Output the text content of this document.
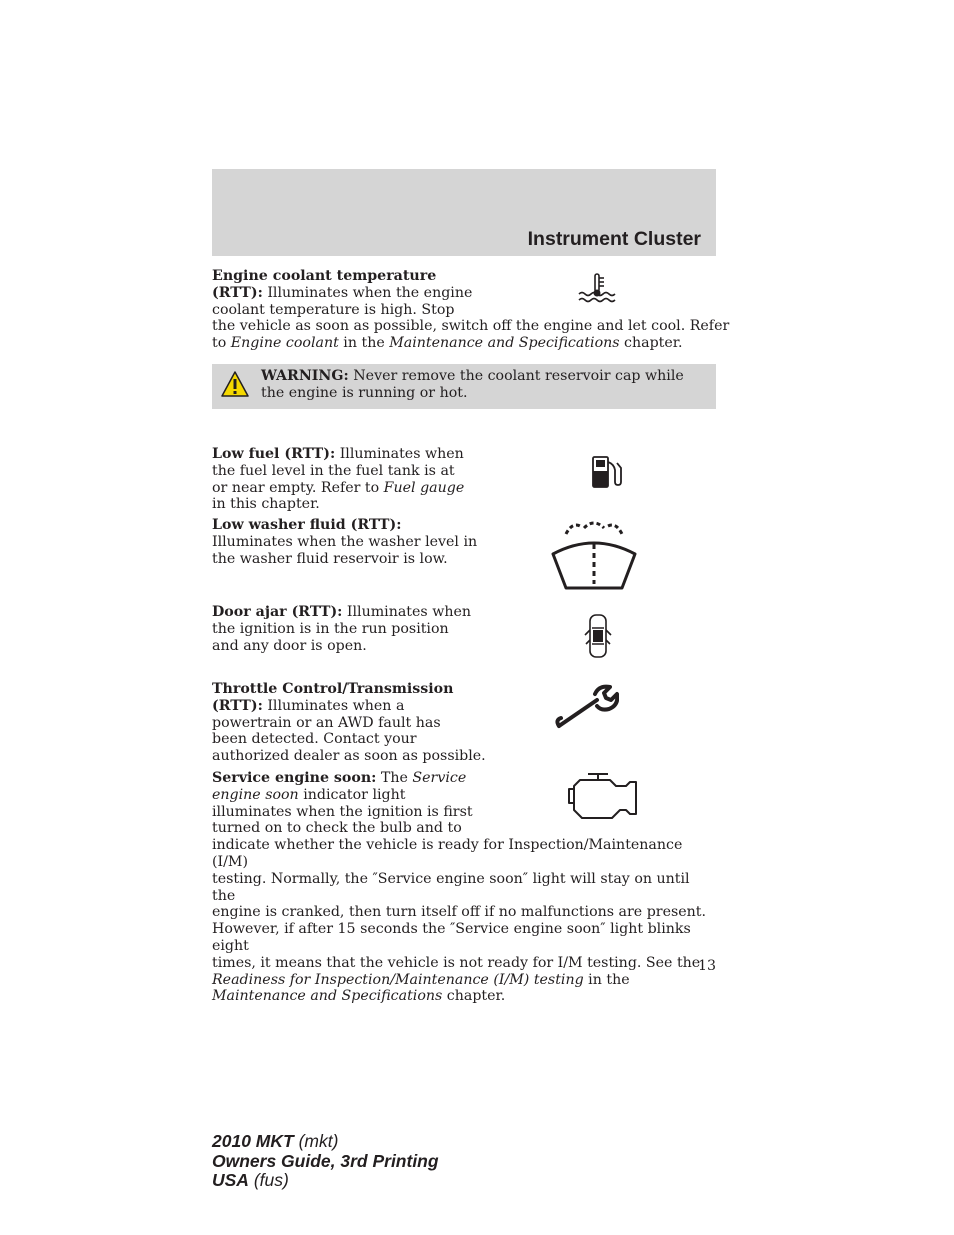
Instrument Cluster
Engine coolant temperature
(RTT): Illuminates when the engine
coolant temperature is high. Stop
the vehicle as soon as possible, switch off the engine and let cool. Refer
to Engine coolant in the Maintenance and Specifications chapter.
WARNING: Never remove the coolant reservoir cap while the engine is running or hot.
Low fuel (RTT): Illuminates when
the fuel level in the fuel tank is at
or near empty. Refer to Fuel gauge
in this chapter.
Low washer fluid (RTT):
Illuminates when the washer level in
the washer fluid reservoir is low.
Door ajar (RTT): Illuminates when
the ignition is in the run position
and any door is open.
Throttle Control/Transmission
(RTT): Illuminates when a
powertrain or an AWD fault has
been detected. Contact your
authorized dealer as soon as possible.
Service engine soon: The Service
engine soon indicator light
illuminates when the ignition is first
turned on to check the bulb and to
indicate whether the vehicle is ready for Inspection/Maintenance (I/M)
testing. Normally, the ″Service engine soon″ light will stay on until the
engine is cranked, then turn itself off if no malfunctions are present.
However, if after 15 seconds the ″Service engine soon″ light blinks eight
times, it means that the vehicle is not ready for I/M testing. See the
Readiness for Inspection/Maintenance (I/M) testing in the
Maintenance and Specifications chapter.
13
2010 MKT (mkt)
Owners Guide, 3rd Printing
USA (fus)
